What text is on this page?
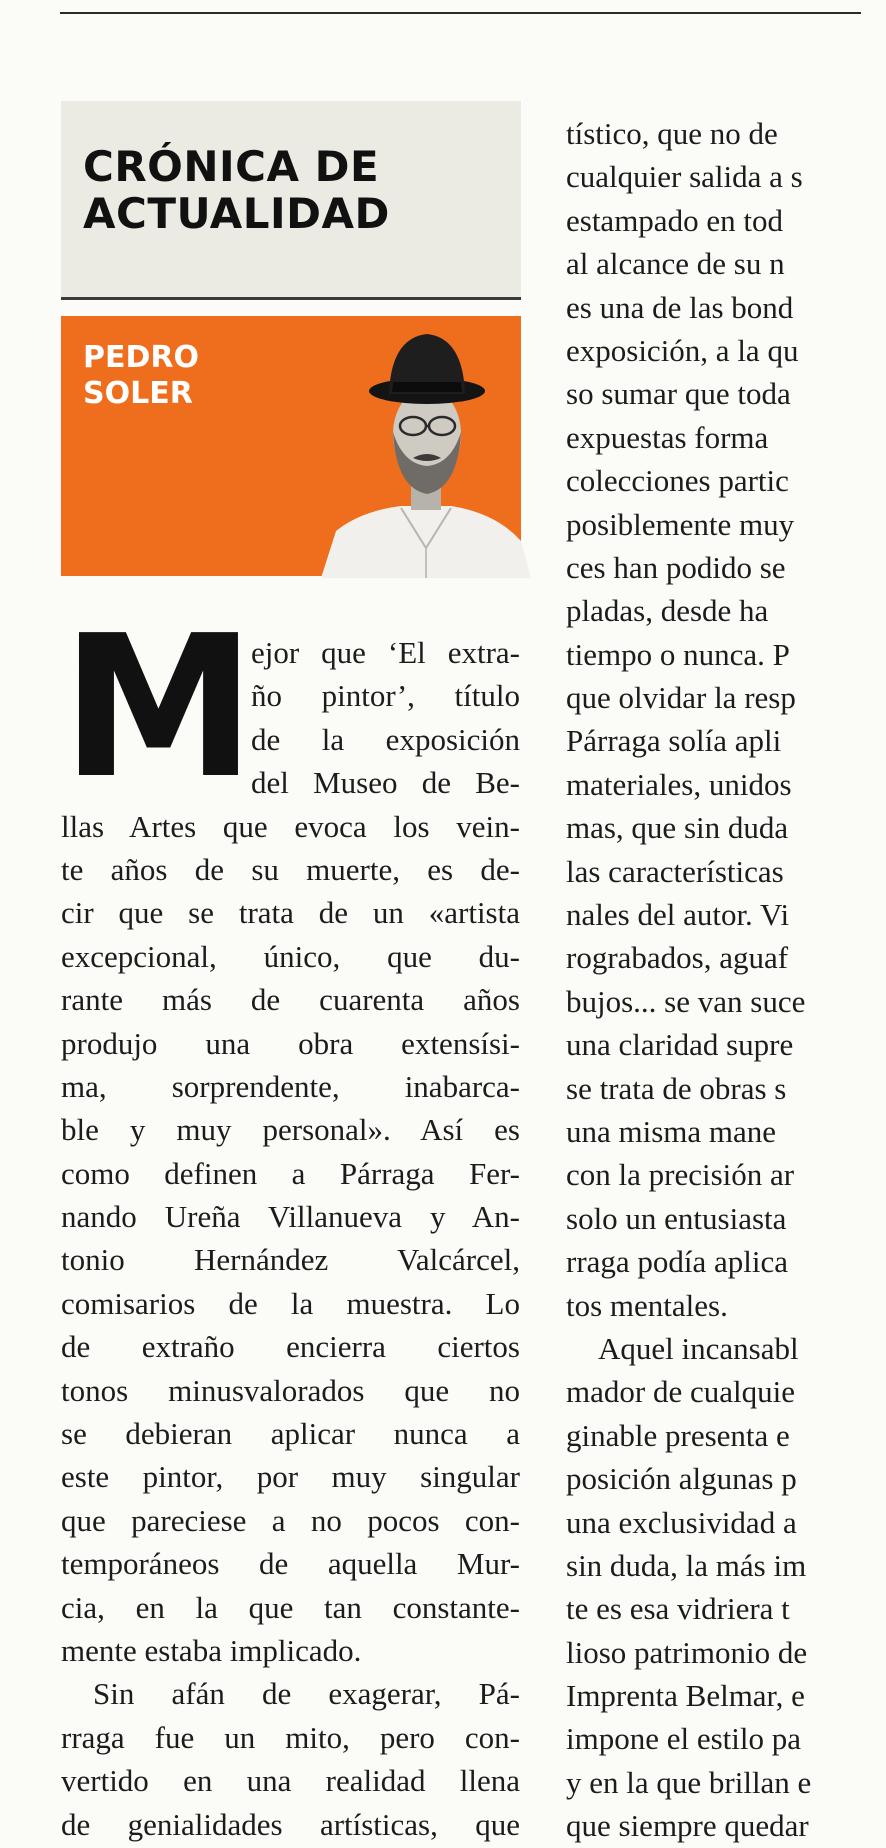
CRÓNICA DE
ACTUALIDAD
PEDRO
SOLER
M
ejor que ‘El extra-
ño pintor’, título
de la exposición
del Museo de Be-
llas Artes que evoca los vein-
te años de su muerte, es de-
cir que se trata de un «artista
excepcional, único, que du-
rante más de cuarenta años
produjo una obra extensísi-
ma, sorprendente, inabarca-
ble y muy personal». Así es
como definen a Párraga Fer-
nando Ureña Villanueva y An-
tonio Hernández Valcárcel,
comisarios de la muestra. Lo
de extraño encierra ciertos
tonos minusvalorados que no
se debieran aplicar nunca a
este pintor, por muy singular
que pareciese a no pocos con-
temporáneos de aquella Mur-
cia, en la que tan constante-
mente estaba implicado.
Sin afán de exagerar, Pá-
rraga fue un mito, pero con-
vertido en una realidad llena
de genialidades artísticas, que
tístico, que no de
cualquier salida a s
estampado en tod
al alcance de su n
es una de las bond
exposición, a la qu
so sumar que toda
expuestas forma
colecciones partic
posiblemente muy
ces han podido se
pladas, desde ha
tiempo o nunca. P
que olvidar la resp
Párraga solía apli
materiales, unidos
mas, que sin duda
las características
nales del autor. Vi
rograbados, aguaf
bujos... se van suce
una claridad supre
se trata de obras s
una misma mane
con la precisión ar
solo un entusiasta
rraga podía aplica
tos mentales.
Aquel incansabl
mador de cualquie
ginable presenta e
posición algunas p
una exclusividad a
sin duda, la más im
te es esa vidriera t
lioso patrimonio de
Imprenta Belmar, e
impone el estilo pa
y en la que brillan e
que siempre quedar
